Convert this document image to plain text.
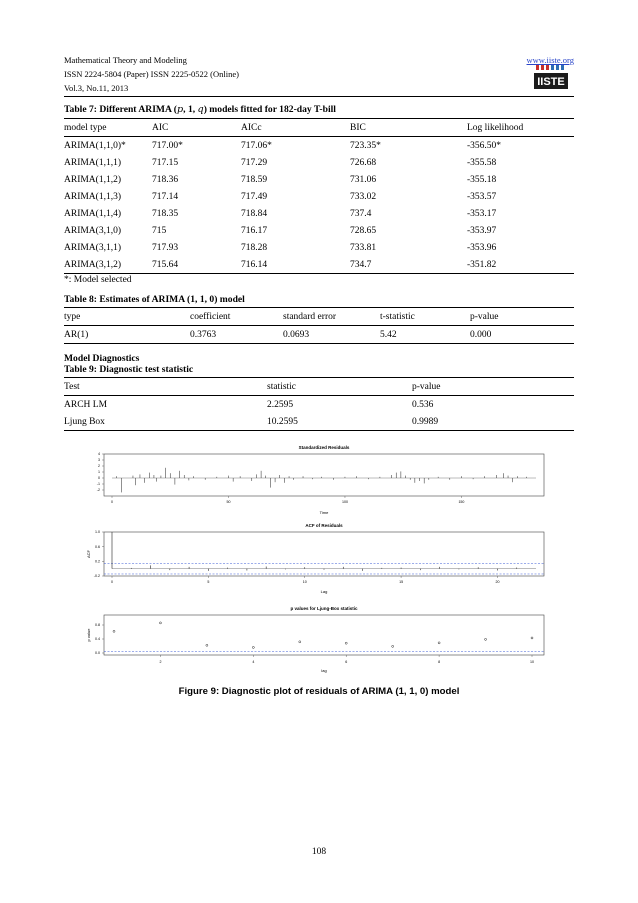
Mathematical Theory and Modeling
ISSN 2224-5804 (Paper) ISSN 2225-0522 (Online)
Vol.3, No.11, 2013
www.iiste.org
IISTE
Table 7: Different ARIMA (p, 1, q) models fitted for 182-day T-bill
model type	AIC	AICc	BIC	Log likelihood
ARIMA(1,1,0)*	717.00*	717.06*	723.35*	-356.50*
ARIMA(1,1,1)	717.15	717.29	726.68	-355.58
ARIMA(1,1,2)	718.36	718.59	731.06	-355.18
ARIMA(1,1,3)	717.14	717.49	733.02	-353.57
ARIMA(1,1,4)	718.35	718.84	737.4	-353.17
ARIMA(3,1,0)	715	716.17	728.65	-353.97
ARIMA(3,1,1)	717.93	718.28	733.81	-353.96
ARIMA(3,1,2)	715.64	716.14	734.7	-351.82
*: Model selected
Table 8: Estimates of ARIMA (1, 1, 0) model
type	coefficient	standard error	t-statistic	p-value
AR(1)	0.3763	0.0693	5.42	0.000
Model Diagnostics
Table 9: Diagnostic test statistic
Test	statistic	p-value
ARCH LM	2.2595	0.536
Ljung Box	10.2595	0.9989
Standardized Residuals
-2
-1
0
1
2
3
4
0	50	100	150
Time
ACF of Residuals
-0.2
0.2
0.6
1.0
0	5	10	15	20
Lag
ACF
p values for Ljung-Box statistic
0.0
0.4
0.8
2	4	6	8	10
lag
p value
Figure 9: Diagnostic plot of residuals of ARIMA (1, 1, 0) model
108
